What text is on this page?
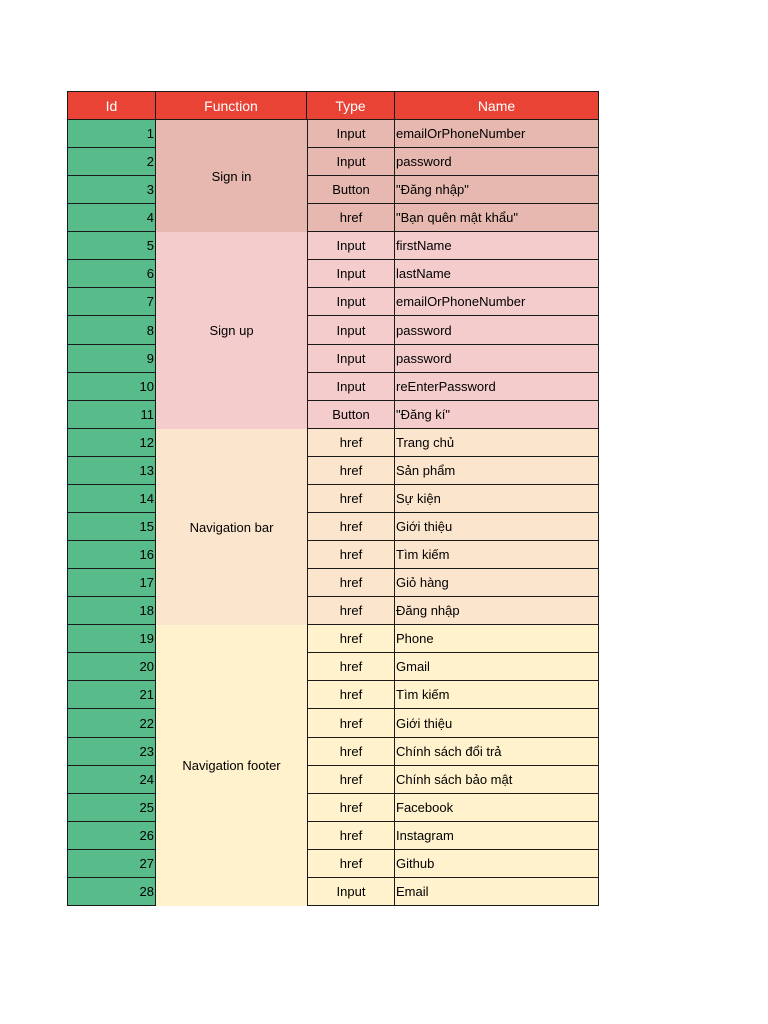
Id	Function	Type	Name
Sign in
1	Input	emailOrPhoneNumber
2	Input	password
3	Button	"Đăng nhập"
4	href	"Bạn quên mật khẩu"
Sign up
5	Input	firstName
6	Input	lastName
7	Input	emailOrPhoneNumber
8	Input	password
9	Input	password
10	Input	reEnterPassword
11	Button	"Đăng kí"
Navigation bar
12	href	Trang chủ
13	href	Sản phẩm
14	href	Sự kiện
15	href	Giới thiệu
16	href	Tìm kiếm
17	href	Giỏ hàng
18	href	Đăng nhập
Navigation footer
19	href	Phone
20	href	Gmail
21	href	Tìm kiếm
22	href	Giới thiệu
23	href	Chính sách đổi trả
24	href	Chính sách bảo mật
25	href	Facebook
26	href	Instagram
27	href	Github
28	Input	Email
